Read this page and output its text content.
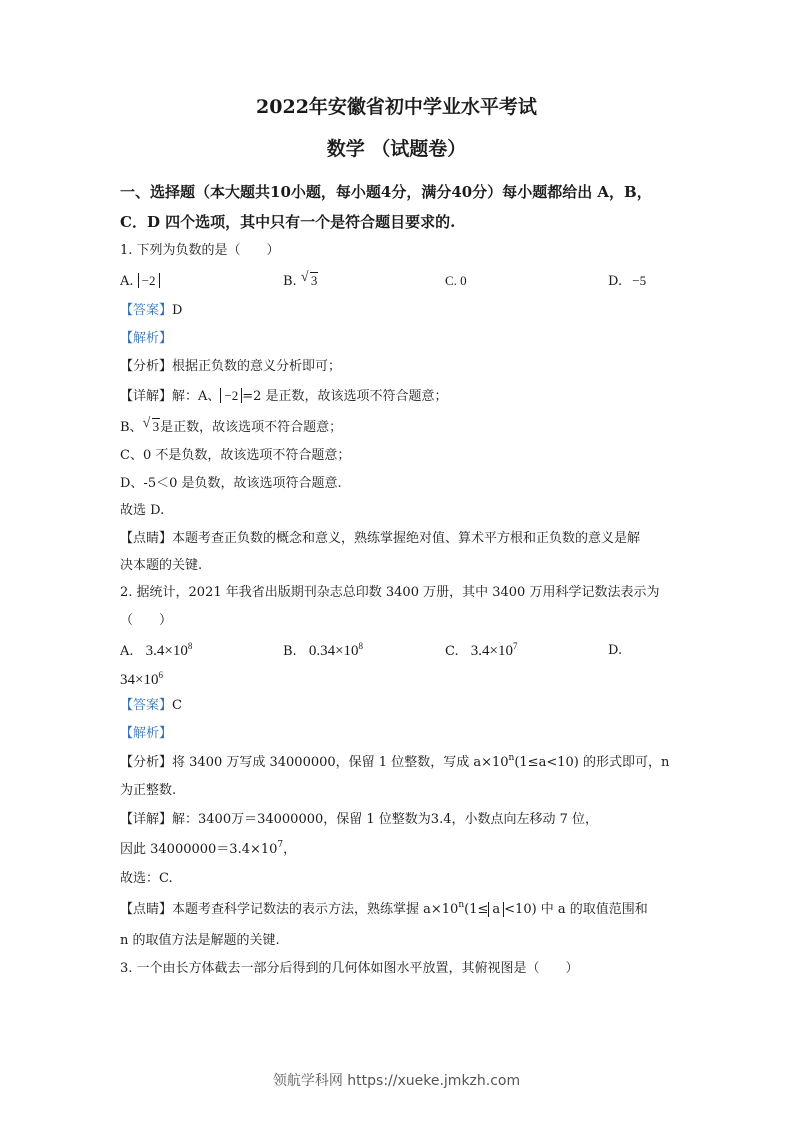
2022年安徽省初中学业水平考试
数学 （试题卷）
一、选择题（本大题共10小题，每小题4分，满分40分）每小题都给出 A，B，
C．D 四个选项，其中只有一个是符合题目要求的.
1. 下列为负数的是（　　）
A. −2	B. √ 3	C. 0	D. −5
【答案】D
【解析】
【分析】根据正负数的意义分析即可；
【详解】解：A、 −2 =2 是正数，故该选项不符合题意；
B、 √ 3是正数，故该选项不符合题意；
C、0 不是负数，故该选项不符合题意；
D、-5＜0 是负数，故该选项符合题意.
故选 D.
【点睛】本题考查正负数的概念和意义，熟练掌握绝对值、算术平方根和正负数的意义是解
决本题的关键.
2. 据统计，2021 年我省出版期刊杂志总印数 3400 万册，其中 3400 万用科学记数法表示为
（　　）
A. $3.4\times 10^8$	B. $0.34\times 10^8$	C. $3.4\times 10^7$	D.
$34\times 10^6$
【答案】C
【解析】
【分析】将 3400 万写成 34000000，保留 1 位整数，写成 $a\times 10^n(1\le a<10)$ 的形式即可，n
为正整数.
【详解】解：3400万＝34000000，保留 1 位整数为3.4，小数点向左移动 7 位，
因此 $34000000=3.4\times 10^7$，
故选：C.
【点睛】本题考查科学记数法的表示方法，熟练掌握 $a\times 10^n(1\le a <10)$ 中 a 的取值范围和
n 的取值方法是解题的关键.
3. 一个由长方体截去一部分后得到的几何体如图水平放置，其俯视图是（　　）
领航学科网 https://xueke.jmkzh.com
